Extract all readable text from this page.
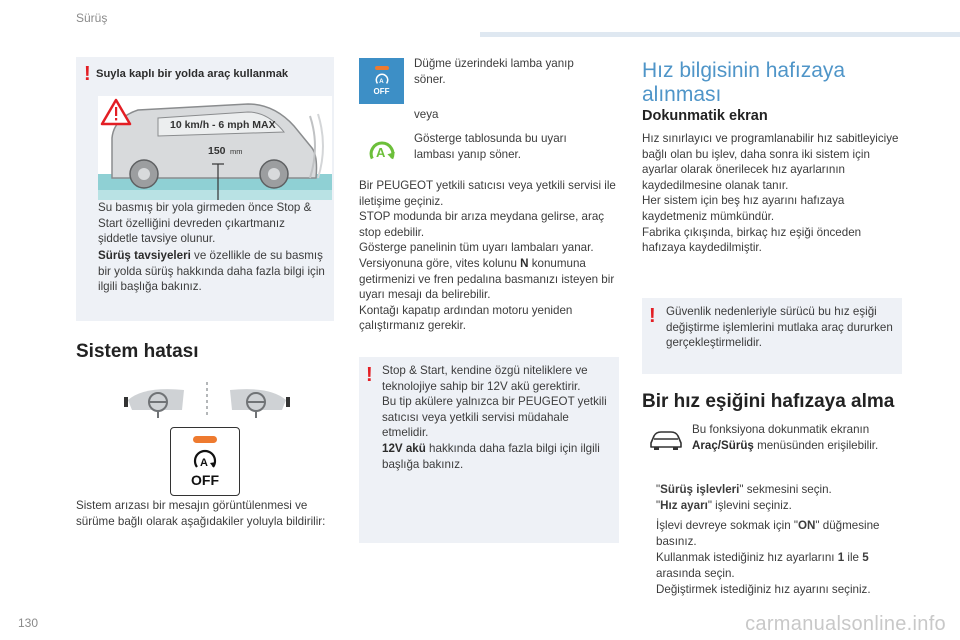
Sürüş
! Suyla kaplı bir yolda araç kullanmak
10 km/h - 6 mph MAX
150 mm
Su basmış bir yola girmeden önce Stop & Start özelliğini devreden çıkartmanız şiddetle tavsiye olunur.
Sürüş tavsiyeleri ve özellikle de su basmış bir yolda sürüş hakkında daha fazla bilgi için ilgili başlığa bakınız.
Sistem hatası
A
OFF
Sistem arızası bir mesajın görüntülenmesi ve sürüme bağlı olarak aşağıdakiler yoluyla bildirilir:
A
OFF
Düğme üzerindeki lamba yanıp söner.
veya
A
Gösterge tablosunda bu uyarı lambası yanıp söner.
Bir PEUGEOT yetkili satıcısı veya yetkili servisi ile iletişime geçiniz.
STOP modunda bir arıza meydana gelirse, araç stop edebilir.
Gösterge panelinin tüm uyarı lambaları yanar.
Versiyonuna göre, vites kolunu N konumuna getirmenizi ve fren pedalına basmanızı isteyen bir uyarı mesajı da belirebilir.
Kontağı kapatıp ardından motoru yeniden çalıştırmanız gerekir.
! Stop & Start, kendine özgü niteliklere ve teknolojiye sahip bir 12V akü gerektirir.
Bu tip akülere yalnızca bir PEUGEOT yetkili satıcısı veya yetkili servisi müdahale etmelidir.
12V akü hakkında daha fazla bilgi için ilgili başlığa bakınız.
Hız bilgisinin hafızaya alınması
Dokunmatik ekran
Hız sınırlayıcı ve programlanabilir hız sabitleyiciye bağlı olan bu işlev, daha sonra iki sistem için ayarlar olarak önerilecek hız ayarlarının kaydedilmesine olanak tanır.
Her sistem için beş hız ayarını hafızaya kaydetmeniz mümkündür.
Fabrika çıkışında, birkaç hız eşiği önceden hafızaya kaydedilmiştir.
! Güvenlik nedenleriyle sürücü bu hız eşiği değiştirme işlemlerini mutlaka araç dururken gerçekleştirmelidir.
Bir hız eşiğini hafızaya alma
Bu fonksiyona dokunmatik ekranın Araç/Sürüş menüsünden erişilebilir.
"Sürüş işlevleri" sekmesini seçin.
"Hız ayarı" işlevini seçiniz.
İşlevi devreye sokmak için "ON" düğmesine basınız.
Kullanmak istediğiniz hız ayarlarını 1 ile 5 arasında seçin.
Değiştirmek istediğiniz hız ayarını seçiniz.
130	carmanualsonline.info
